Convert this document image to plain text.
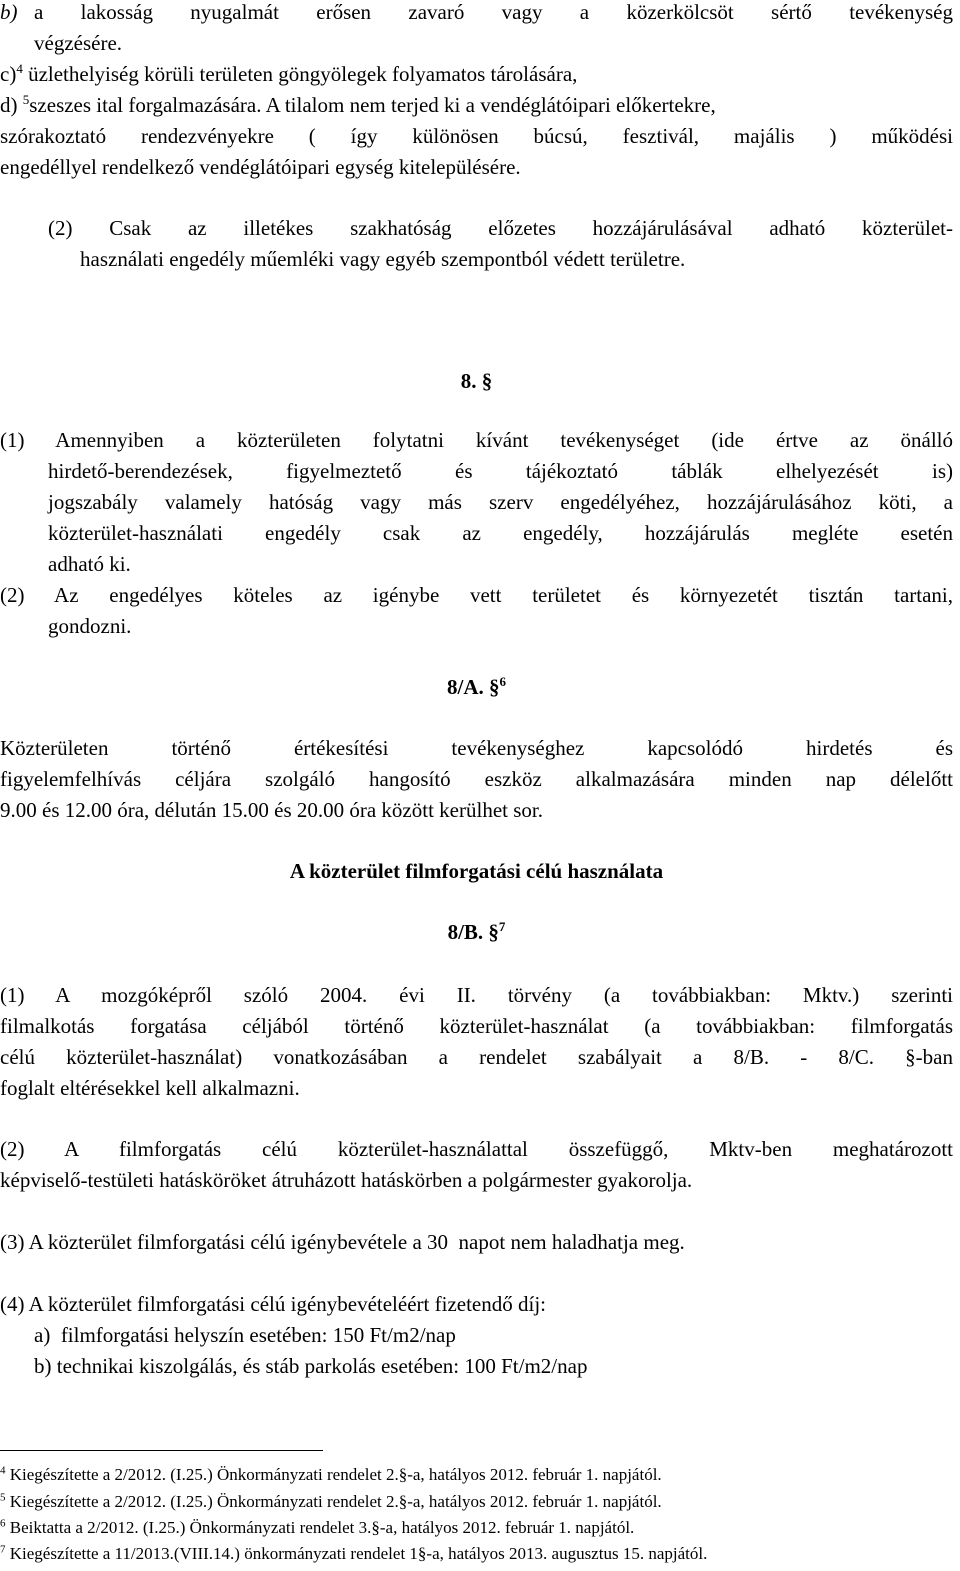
b) a lakosság nyugalmát erősen zavaró vagy a közerkölcsöt sértő tevékenység
végzésére.
c)$^4$ üzlethelyiség körüli területen göngyölegek folyamatos tárolására,
d) $^5$szeszes ital forgalmazására. A tilalom nem terjed ki a vendéglátóipari előkertekre,
szórakoztató rendezvényekre ( így különösen búcsú, fesztivál, majális ) működési
engedéllyel rendelkező vendéglátóipari egység kitelepülésére.
(2) Csak az illetékes szakhatóság előzetes hozzájárulásával adható közterület-
használati engedély műemléki vagy egyéb szempontból védett területre.
8. §
(1) Amennyiben a közterületen folytatni kívánt tevékenységet (ide értve az önálló
hirdető-berendezések, figyelmeztető és tájékoztató táblák elhelyezését is)
jogszabály valamely hatóság vagy más szerv engedélyéhez, hozzájárulásához köti, a
közterület-használati engedély csak az engedély, hozzájárulás megléte esetén
adható ki.
(2) Az engedélyes köteles az igénybe vett területet és környezetét tisztán tartani,
gondozni.
8/A. §$^6$
Közterületen történő értékesítési tevékenységhez kapcsolódó hirdetés és
figyelemfelhívás céljára szolgáló hangosító eszköz alkalmazására minden nap délelőtt
9.00 és 12.00 óra, délután 15.00 és 20.00 óra között kerülhet sor.
A közterület filmforgatási célú használata
8/B. §$^7$
(1) A mozgóképről szóló 2004. évi II. törvény (a továbbiakban: Mktv.) szerinti
filmalkotás forgatása céljából történő közterület-használat (a továbbiakban: filmforgatás
célú közterület-használat) vonatkozásában a rendelet szabályait a 8/B. - 8/C. §-ban
foglalt eltérésekkel kell alkalmazni.
(2) A filmforgatás célú közterület-használattal összefüggő, Mktv-ben meghatározott
képviselő-testületi hatásköröket átruházott hatáskörben a polgármester gyakorolja.
(3) A közterület filmforgatási célú igénybevétele a 30  napot nem haladhatja meg.
(4) A közterület filmforgatási célú igénybevételéért fizetendő díj:
a)  filmforgatási helyszín esetében: 150 Ft/m2/nap
b) technikai kiszolgálás, és stáb parkolás esetében: 100 Ft/m2/nap
$^4$ Kiegészítette a 2/2012. (I.25.) Önkormányzati rendelet 2.§-a, hatályos 2012. február 1. napjától.
$^5$ Kiegészítette a 2/2012. (I.25.) Önkormányzati rendelet 2.§-a, hatályos 2012. február 1. napjától.
$^6$ Beiktatta a 2/2012. (I.25.) Önkormányzati rendelet 3.§-a, hatályos 2012. február 1. napjától.
$^7$ Kiegészítette a 11/2013.(VIII.14.) önkormányzati rendelet 1§-a, hatályos 2013. augusztus 15. napjától.
